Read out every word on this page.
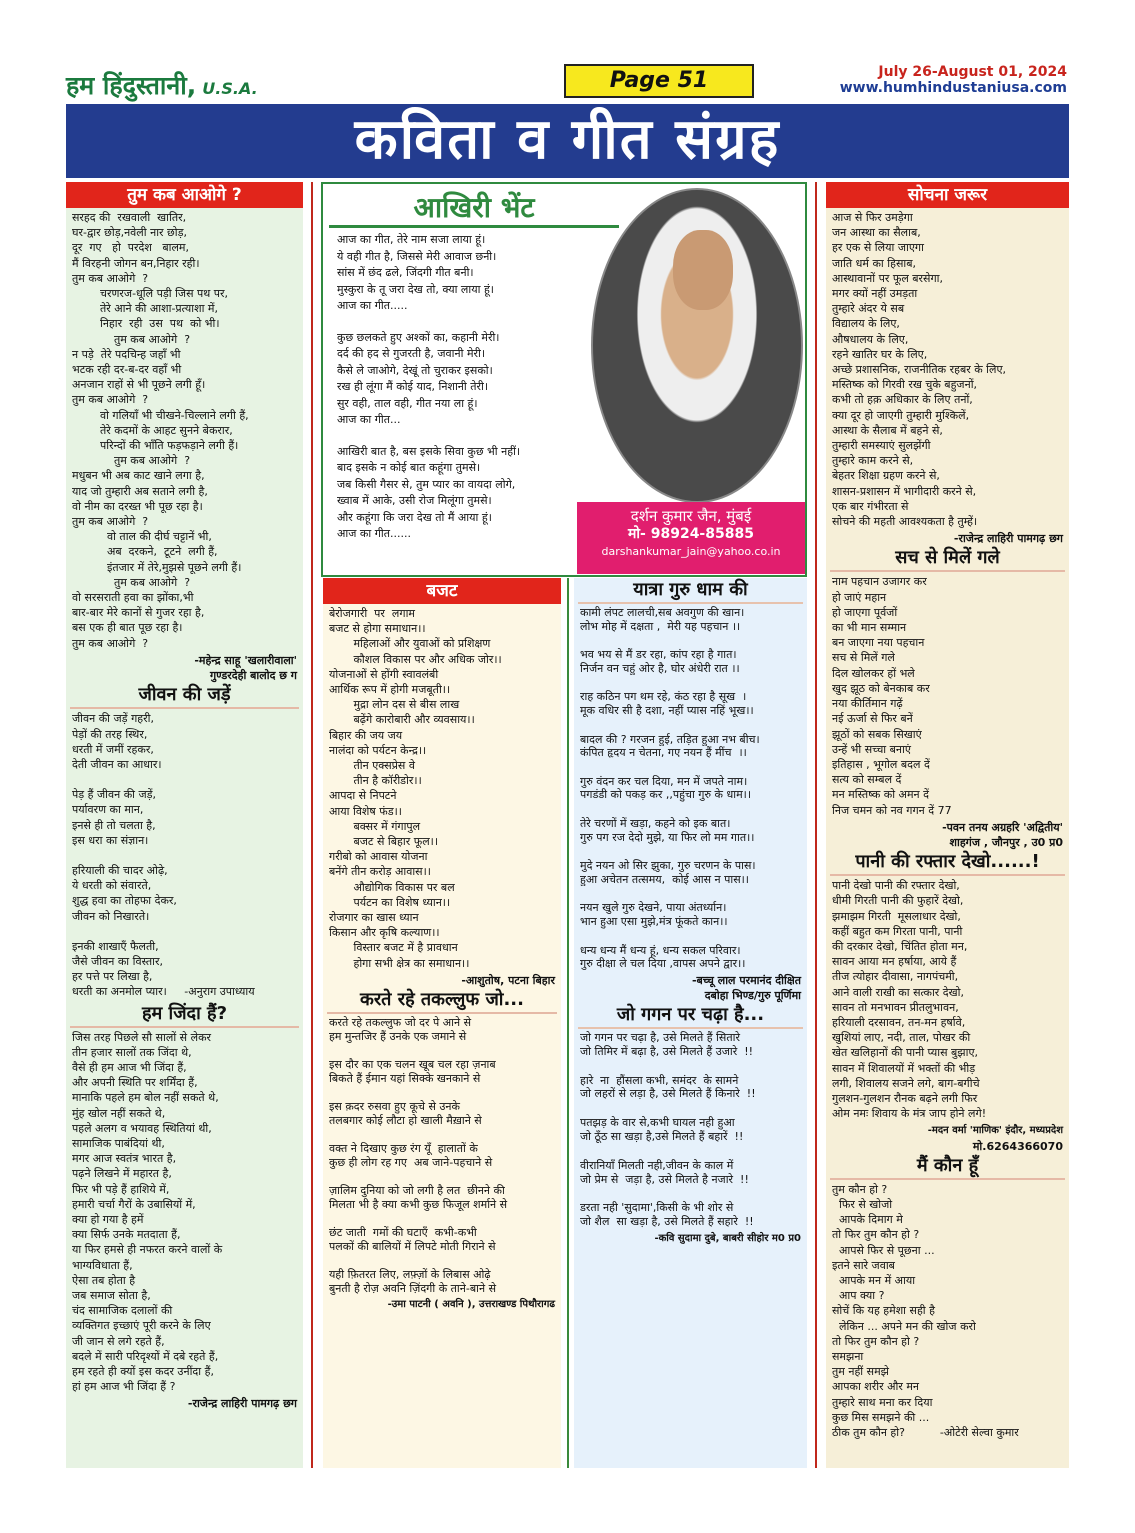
हम हिंदुस्तानी, U.S.A.	Page 51	July 26-August 01, 2024
www.humhindustaniusa.com
कविता व गीत संग्रह
तुम कब आओगे ?
सरहद की  रखवाली  खातिर,
घर-द्वार छोड़,नवेली नार छोड़,
दूर  गए   हो  परदेश   बालम,
मैं विरहनी जोगन बन,निहार रही।
तुम कब आओगे  ?
चरणरज-धूलि पड़ी जिस पथ पर,
तेरे आने की आशा-प्रत्याशा में,
निहार  रही  उस  पथ  को भी।
तुम कब आओगे  ?
न पड़े  तेरे पदचिन्ह जहाँ भी
भटक रही दर-ब-दर वहाँ भी
अनजान राहों से भी पूछने लगी हूँ।
तुम कब आओगे  ?
वो गलियाँ भी चीखने-चिल्लाने लगी हैं,
तेरे कदमों के आहट सुनने बेकरार,
परिन्दों की भाँति फड़फड़ाने लगी हैं।
तुम कब आओगे  ?
मधुबन भी अब काट खाने लगा है,
याद जो तुम्हारी अब सताने लगी है,
वो नीम का दरख्त भी पूछ रहा है।
तुम कब आओगे  ?
वो ताल की दीर्घ चट्टानें भी,
अब  दरकने,  टूटने  लगी हैं,
इंतजार में तेरे,मुझसे पूछने लगी हैं।
तुम कब आओगे  ?
वो सरसराती हवा का झोंका,भी
बार-बार मेरे कानों से गुजर रहा है,
बस एक ही बात पूछ रहा है।
तुम कब आओगे  ?
-महेन्द्र साहू 'खलारीवाला'
गुण्डरदेही बालोद छ ग
जीवन की जड़ें
जीवन की जड़ें गहरी,
पेड़ों की तरह स्थिर,
धरती में जमीं रहकर,
देती जीवन का आधार।
पेड़ हैं जीवन की जड़ें,
पर्यावरण का मान,
इनसे ही तो चलता है,
इस धरा का संज्ञान।
हरियाली की चादर ओढ़े,
ये धरती को संवारते,
शुद्ध हवा का तोहफा देकर,
जीवन को निखारते।
इनकी शाखाएँ फैलती,
जैसे जीवन का विस्तार,
हर पत्ते पर लिखा है,
धरती का अनमोल प्यार।     -अनुराग उपाध्याय
हम जिंदा हैं?
जिस तरह पिछले सौ सालों से लेकर
तीन हजार सालों तक जिंदा थे,
वैसे ही हम आज भी जिंदा हैं,
और अपनी स्थिति पर शर्मिंदा हैं,
मानाकि पहले हम बोल नहीं सकते थे,
मुंह खोल नहीं सकते थे,
पहले अलग व भयावह स्थितियां थी,
सामाजिक पाबंदियां थी,
मगर आज स्वतंत्र भारत है,
पढ़ने लिखने में महारत है,
फिर भी पड़े हैं हाशिये में,
हमारी चर्चा गैरों के उबासियों में,
क्या हो गया है हमें
क्या सिर्फ उनके मतदाता हैं,
या फिर हमसे ही नफरत करने वालों के
भाग्यविधाता हैं,
ऐसा तब होता है
जब समाज सोता है,
चंद सामाजिक दलालों की
व्यक्तिगत इच्छाएं पूरी करने के लिए
जी जान से लगे रहते हैं,
बदले में सारी परिदृश्यों में दबे रहते हैं,
हम रहते ही क्यों इस कदर उनींदा हैं,
हां हम आज भी जिंदा हैं ?
-राजेन्द्र लाहिरी पामगढ़ छग
आखिरी भेंट
आज का गीत, तेरे नाम सजा लाया हूं।
ये वही गीत है, जिससे मेरी आवाज छनी।
सांस में छंद ढले, जिंदगी गीत बनी।
मुस्कुरा के तू जरा देख तो, क्या लाया हूं।
आज का गीत.....
कुछ छलकते हुए अश्कों का, कहानी मेरी।
दर्द की हद से गुजरती है, जवानी मेरी।
कैसे ले जाओगे, देखूं तो चुराकर इसको।
रख ही लूंगा मैं कोई याद, निशानी तेरी।
सुर वही, ताल वही, गीत नया ला हूं।
आज का गीत...
आखिरी बात है, बस इसके सिवा कुछ भी नहीं।
बाद इसके न कोई बात कहूंगा तुमसे।
जब किसी गैसर से, तुम प्यार का वायदा लोगे,
ख्वाब में आके, उसी रोज मिलूंगा तुमसे।
और कहूंगा कि जरा देख तो मैं आया हूं।
आज का गीत......
दर्शन कुमार जैन, मुंबई
मो- 98924-85885
darshankumar_jain@yahoo.co.in
बजट
बेरोजगारी  पर  लगाम
बजट से होगा समाधान।।
महिलाओं और युवाओं को प्रशिक्षण
कौशल विकास पर और अधिक जोर।।
योजनाओं से होंगी स्वावलंबी
आर्थिक रूप में होगी मजबूती।।
मुद्रा लोन दस से बीस लाख
बढ़ेंगे कारोबारी और व्यवसाय।।
बिहार की जय जय
नालंदा को पर्यटन केन्द्र।।
तीन एक्सप्रेस वे
तीन है कॉरीडोर।।
आपदा से निपटने
आया विशेष फंड।।
बक्सर में गंगापुल
बजट से बिहार फूल।।
गरीबो को आवास योजना
बनेंगे तीन करोड़ आवास।।
औद्योगिक विकास पर बल
पर्यटन का विशेष ध्यान।।
रोजगार का खास ध्यान
किसान और कृषि कल्याण।।
विस्तार बजट में है प्रावधान
होगा सभी क्षेत्र का समाधान।।
-आशुतोष, पटना बिहार
करते रहे तकल्लुफ जो...
करते रहे तकल्लुफ जो दर पे आने से
हम मुन्तजिर हैं उनके एक जमाने से
इस दौर का एक चलन खूब चल रहा ज़नाब
बिकते हैं ईमान यहां सिक्के खनकाने से
इस क़दर रुसवा हुए कूचे से उनके
तलबगार कोई लौटा हो खाली मैख़ाने से
वक्त ने दिखाए कुछ रंग यूँ  हालातों के
कुछ ही लोग रह गए  अब जाने-पहचाने से
ज़ालिम दुनिया को जो लगी है लत  छीनने की
मिलता भी है क्या कभी कुछ फिजूल शर्माने से
छंट जाती  गमों की घटाएँ  कभी-कभी
पलकों की बालियों में लिपटे मोती गिराने से
यही फ़ितरत लिए, लफ़्ज़ों के लिबास ओढ़े
बुनती है रोज़ अवनि ज़िंदगी के ताने-बाने से
-उमा पाटनी ( अवनि ), उत्तराखण्ड पिथौरागढ
यात्रा गुरु धाम की
कामी लंपट लालची,सब अवगुण की खान।
लोभ मोह में दक्षता ,  मेरी यह पहचान ।।
भव भय से मैं डर रहा, कांप रहा है गात।
निर्जन वन चहुं ओर है, घोर अंधेरी रात ।।
राह कठिन पग थम रहे, कंठ रहा है सूख  ।
मूक वधिर सी है दशा, नहीं प्यास नहिं भूख।।
बादल की ? गरजन हुई, तड़ित हुआ नभ बीच।
कंपित हृदय न चेतना, गए नयन हैं मींच  ।।
गुरु वंदन कर चल दिया, मन में जपते नाम।
पगडंडी को पकड़ कर ,,पहुंचा गुरु के धाम।।
तेरे चरणों में खड़ा, कहने को इक बात।
गुरु पग रज देदो मुझे, या फिर लो मम गात।।
मुदे नयन ओ सिर झुका, गुरु चरणन के पास।
हुआ अचेतन तत्समय,  कोई आस न पास।।
नयन खुले गुरु देखने, पाया अंतर्ध्यान।
भान हुआ एसा मुझे,मंत्र फूंकते कान।।
धन्य धन्य मैं धन्य हूं, धन्य सकल परिवार।
गुरु दीक्षा ले चल दिया ,वापस अपने द्वार।।
-बच्चू लाल परमानंद दीक्षित
दबोहा भिण्ड/गुरु पूर्णिमा
जो गगन पर चढ़ा है...
जो गगन पर चढ़ा है, उसे मिलते हैं सितारे
जो तिमिर में बढ़ा है, उसे मिलते हैं उजारे  !!
हारे  ना  हौंसला कभी, समंदर  के सामने
जो लहरों से लड़ा है, उसे मिलते हैं किनारे  !!
पतझड़ के वार से,कभी घायल नही हुआ
जो ठूँठ सा खड़ा है,उसे मिलते हैं बहारें  !!
वीरानियाँ मिलती नही,जीवन के काल में
जो प्रेम से  जड़ा है, उसे मिलते है नजारे  !!
डरता नही 'सुदामा',किसी के भी शोर से
जो शैल  सा खड़ा है, उसे मिलते हैं सहारे  !!
-कवि सुदामा दुबे, बाबरी सीहोर म0 प्र0
सोचना जरूर
आज से फिर उमड़ेगा
जन आस्था का सैलाब,
हर एक से लिया जाएगा
जाति धर्म का हिसाब,
आस्थावानों पर फूल बरसेगा,
मगर क्यों नहीं उमड़ता
तुम्हारे अंदर ये सब
विद्यालय के लिए,
औषधालय के लिए,
रहने खातिर घर के लिए,
अच्छे प्रशासनिक, राजनीतिक रहबर के लिए,
मस्तिष्क को गिरवी रख चुके बहुजनों,
कभी तो हक़ अधिकार के लिए तनों,
क्या दूर हो जाएगी तुम्हारी मुश्किलें,
आस्था के सैलाब में बहने से,
तुम्हारी समस्याएं सुलझेंगी
तुम्हारे काम करने से,
बेहतर शिक्षा ग्रहण करने से,
शासन-प्रशासन में भागीदारी करने से,
एक बार गंभीरता से
सोचने की महती आवश्यकता है तुम्हें।
-राजेन्द्र लाहिरी पामगढ़ छग
सच से मिलें गले
नाम पहचान उजागर कर
हो जाएं महान
हो जाएगा पूर्वजों
का भी मान सम्मान
बन जाएगा नया पहचान
सच से मिलें गले
दिल खोलकर हों भले
खुद झूठ को बेनकाब कर
नया कीर्तिमान गढ़ें
नई ऊर्जा से फिर बनें
झूठों को सबक सिखाएं
उन्हें भी सच्चा बनाएं
इतिहास , भूगोल बदल दें
सत्य को सम्बल दें
मन मस्तिष्क को अमन दें
निज चमन को नव गगन दें 77
-पवन तनय अग्रहरि 'अद्वितीय'
शाहगंज , जौनपुर , उ0 प्र0
पानी की रफ्तार देखो......!
पानी देखो पानी की रफ्तार देखो,
धीमी गिरती पानी की फुहारें देखो,
झमाझम गिरती  मूसलाधार देखो,
कहीं बहुत कम गिरता पानी, पानी
की दरकार देखो, चिंतित होता मन,
सावन आया मन हर्षाया, आये हैं
तीज त्योहार दीवासा, नागपंचमी,
आने वाली राखी का सत्कार देखो,
सावन तो मनभावन प्रीतलुभावन,
हरियाली दरसावन, तन-मन हर्षावे,
खुशियां लाए, नदी, ताल, पोखर की
खेत खलिहानों की पानी प्यास बुझाए,
सावन में शिवालयों में भक्तों की भीड़
लगी, शिवालय सजने लगे, बाग-बगीचे
गुलशन-गुलशन रौनक बढ़ने लगी फिर
ओम नमः शिवाय के मंत्र जाप होने लगे!
-मदन वर्मा 'माणिक' इंदौर, मध्यप्रदेश
मो.6264366070
मैं कौन हूँ
तुम कौन हो ?
फिर से खोजो
आपके दिमाग मे
तो फिर तुम कौन हो ?
आपसे फिर से पूछना ...
इतने सारे जवाब
आपके मन में आया
आप क्या ?
सोचें कि यह हमेशा सही है
लेकिन ... अपने मन की खोज करो
तो फिर तुम कौन हो ?
समझना
तुम नहीं समझे
आपका शरीर और मन
तुम्हारे साथ मना कर दिया
कुछ मिस समझने की ...
ठीक तुम कौन हो?          -ओटेरी सेल्वा कुमार
